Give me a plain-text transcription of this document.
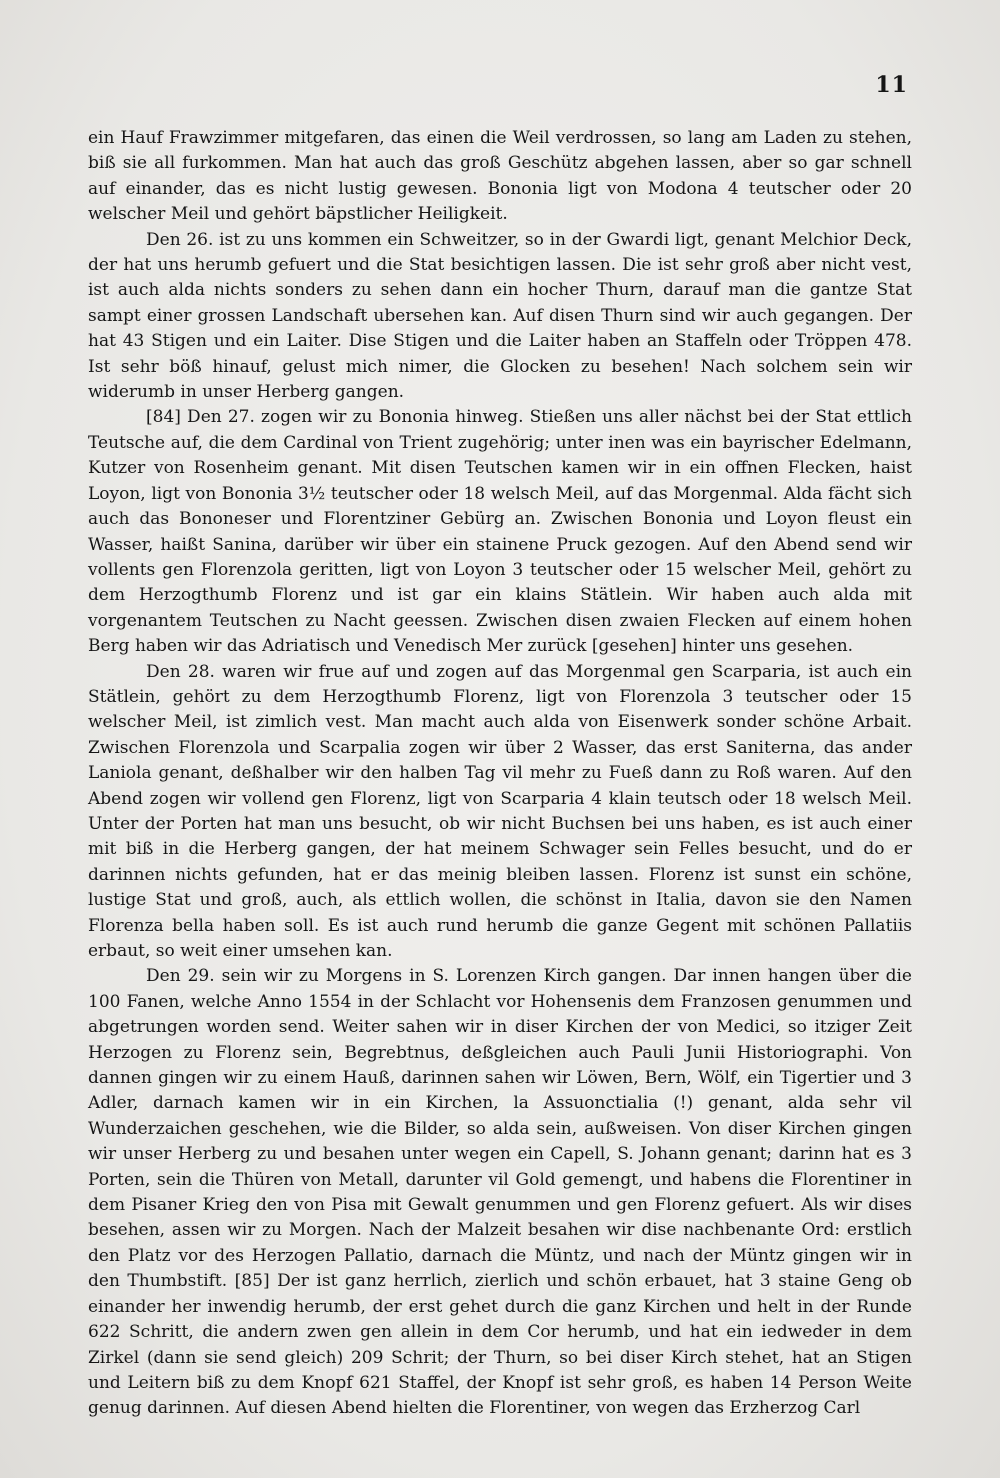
11

ein Hauf Frawzimmer mitgefaren, das einen die Weil verdrossen, so lang am Laden zu stehen, biß sie all furkommen. Man hat auch das groß Geschütz abgehen lassen, aber so gar schnell auf einander, das es nicht lustig gewesen. Bononia ligt von Modona 4 teutscher oder 20 welscher Meil und gehört bäpstlicher Heiligkeit.

Den 26. ist zu uns kommen ein Schweitzer, so in der Gwardi ligt, genant Melchior Deck, der hat uns herumb gefuert und die Stat besichtigen lassen. Die ist sehr groß aber nicht vest, ist auch alda nichts sonders zu sehen dann ein hocher Thurn, darauf man die gantze Stat sampt einer grossen Landschaft ubersehen kan. Auf disen Thurn sind wir auch gegangen. Der hat 43 Stigen und ein Laiter. Dise Stigen und die Laiter haben an Staffeln oder Tröppen 478. Ist sehr böß hinauf, gelust mich nimer, die Glocken zu besehen! Nach solchem sein wir widerumb in unser Herberg gangen.

[84] Den 27. zogen wir zu Bononia hinweg. Stießen uns aller nächst bei der Stat ettlich Teutsche auf, die dem Cardinal von Trient zugehörig; unter inen was ein bayrischer Edelmann, Kutzer von Rosenheim genant. Mit disen Teutschen kamen wir in ein offnen Flecken, haist Loyon, ligt von Bononia 3½ teutscher oder 18 welsch Meil, auf das Morgenmal. Alda fächt sich auch das Bononeser und Florentziner Gebürg an. Zwischen Bononia und Loyon fleust ein Wasser, haißt Sanina, darüber wir über ein stainene Pruck gezogen. Auf den Abend send wir vollents gen Florenzola geritten, ligt von Loyon 3 teutscher oder 15 welscher Meil, gehört zu dem Herzogthumb Florenz und ist gar ein klains Stätlein. Wir haben auch alda mit vorgenantem Teutschen zu Nacht geessen. Zwischen disen zwaien Flecken auf einem hohen Berg haben wir das Adriatisch und Venedisch Mer zurück [gesehen] hinter uns gesehen.

Den 28. waren wir frue auf und zogen auf das Morgenmal gen Scarparia, ist auch ein Stätlein, gehört zu dem Herzogthumb Florenz, ligt von Florenzola 3 teutscher oder 15 welscher Meil, ist zimlich vest. Man macht auch alda von Eisenwerk sonder schöne Arbait. Zwischen Florenzola und Scarpalia zogen wir über 2 Wasser, das erst Saniterna, das ander Laniola genant, deßhalber wir den halben Tag vil mehr zu Fueß dann zu Roß waren. Auf den Abend zogen wir vollend gen Florenz, ligt von Scarparia 4 klain teutsch oder 18 welsch Meil. Unter der Porten hat man uns besucht, ob wir nicht Buchsen bei uns haben, es ist auch einer mit biß in die Herberg gangen, der hat meinem Schwager sein Felles besucht, und do er darinnen nichts gefunden, hat er das meinig bleiben lassen. Florenz ist sunst ein schöne, lustige Stat und groß, auch, als ettlich wollen, die schönst in Italia, davon sie den Namen Florenza bella haben soll. Es ist auch rund herumb die ganze Gegent mit schönen Pallatiis erbaut, so weit einer umsehen kan.

Den 29. sein wir zu Morgens in S. Lorenzen Kirch gangen. Dar innen hangen über die 100 Fanen, welche Anno 1554 in der Schlacht vor Hohensenis dem Franzosen genummen und abgetrungen worden send. Weiter sahen wir in diser Kirchen der von Medici, so itziger Zeit Herzogen zu Florenz sein, Begrebtnus, deßgleichen auch Pauli Junii Historiographi. Von dannen gingen wir zu einem Hauß, darinnen sahen wir Löwen, Bern, Wölf, ein Tigertier und 3 Adler, darnach kamen wir in ein Kirchen, la Assuonctialia (!) genant, alda sehr vil Wunderzaichen geschehen, wie die Bilder, so alda sein, außweisen. Von diser Kirchen gingen wir unser Herberg zu und besahen unter wegen ein Capell, S. Johann genant; darinn hat es 3 Porten, sein die Thüren von Metall, darunter vil Gold gemengt, und habens die Florentiner in dem Pisaner Krieg den von Pisa mit Gewalt genummen und gen Florenz gefuert. Als wir dises besehen, assen wir zu Morgen. Nach der Malzeit besahen wir dise nachbenante Ord: erstlich den Platz vor des Herzogen Pallatio, darnach die Müntz, und nach der Müntz gingen wir in den Thumbstift. [85] Der ist ganz herrlich, zierlich und schön erbauet, hat 3 staine Geng ob einander her inwendig herumb, der erst gehet durch die ganz Kirchen und helt in der Runde 622 Schritt, die andern zwen gen allein in dem Cor herumb, und hat ein iedweder in dem Zirkel (dann sie send gleich) 209 Schrit; der Thurn, so bei diser Kirch stehet, hat an Stigen und Leitern biß zu dem Knopf 621 Staffel, der Knopf ist sehr groß, es haben 14 Person Weite genug darinnen. Auf diesen Abend hielten die Florentiner, von wegen das Erzherzog Carl
